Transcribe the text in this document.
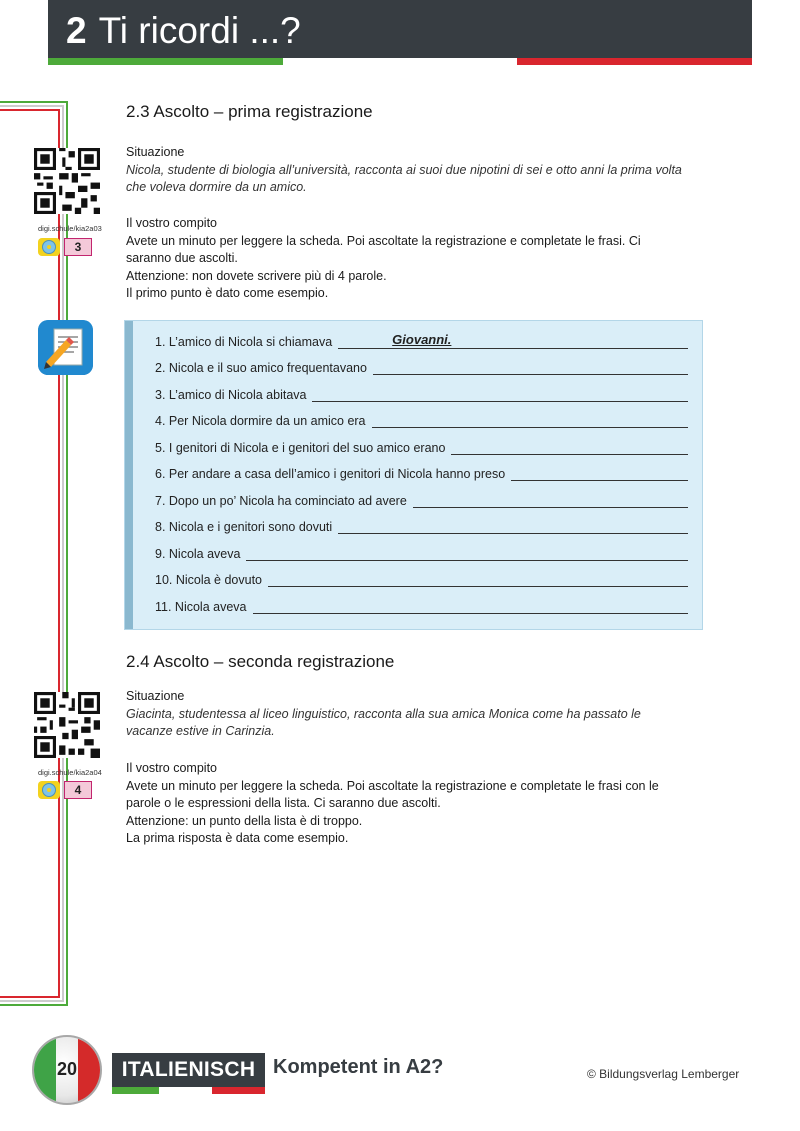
2 Ti ricordi ...?
2.3 Ascolto – prima registrazione
digi.schule/kia2a03
3
Situazione
Nicola, studente di biologia all’università, racconta ai suoi due nipotini di sei e otto anni la prima volta che voleva dormire da un amico.
Il vostro compito
Avete un minuto per leggere la scheda. Poi ascoltate la registrazione e completate le frasi. Ci saranno due ascolti.
Attenzione: non dovete scrivere più di 4 parole.
Il primo punto è dato come esempio.
1. L’amico di Nicola si chiamava	Giovanni.
2. Nicola e il suo amico frequentavano
3. L’amico di Nicola abitava
4. Per Nicola dormire da un amico era
5. I genitori di Nicola e i genitori del suo amico erano
6. Per andare a casa dell’amico i genitori di Nicola hanno preso
7. Dopo un po’ Nicola ha cominciato ad avere
8. Nicola e i genitori sono dovuti
9. Nicola aveva
10. Nicola è dovuto
11. Nicola aveva
2.4 Ascolto – seconda registrazione
digi.schule/kia2a04
4
Situazione
Giacinta, studentessa al liceo linguistico, racconta alla sua amica Monica come ha passato le vacanze estive in Carinzia.
Il vostro compito
Avete un minuto per leggere la scheda. Poi ascoltate la registrazione e completate le frasi con le parole o le espressioni della lista. Ci saranno due ascolti.
Attenzione: un punto della lista è di troppo.
La prima risposta è data come esempio.
20	ITALIENISCH Kompetent in A2?	© Bildungsverlag Lemberger
